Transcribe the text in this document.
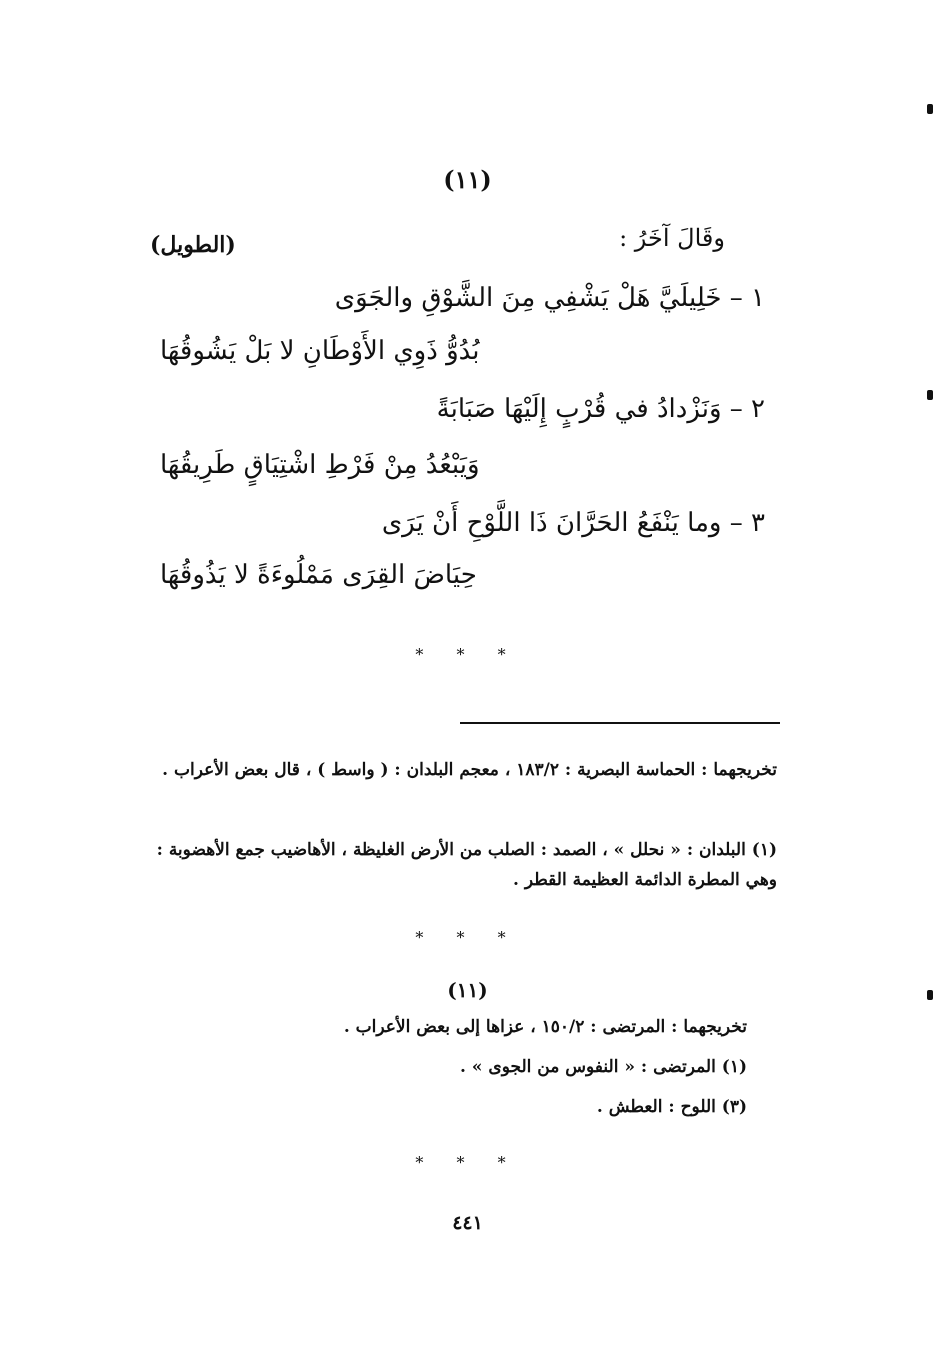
(١١)
وقَالَ آخَرُ :
(الطويل)
١ – خَلِيلَيَّ هَلْ يَشْفِي مِنَ الشَّوْقِ والجَوَى
بُدُوُّ ذَوِي الأَوْطَانِ لا بَلْ يَشُوقُهَا
٢ – وَنَزْدادُ في قُرْبٍ إِلَيْهَا صَبَابَةً
وَيَبْعُدُ مِنْ فَرْطِ اشْتِيَاقٍ طَرِيقُهَا
٣ – وما يَنْفَعُ الحَرَّانَ ذَا اللَّوْحِ أَنْ يَرَى
حِيَاضَ القِرَى مَمْلُوءَةً لا يَذُوقُهَا
* * *
تخريجهما : الحماسة البصرية : ١٨٣/٢ ، معجم البلدان : ( واسط ) ، قال بعض الأعراب .
(١) البلدان : « نحلل » ، الصمد : الصلب من الأرض الغليظة ، الأهاضيب جمع الأهضوبة : وهي المطرة الدائمة العظيمة القطر .
* * *
(١١)
تخريجهما : المرتضى : ١٥٠/٢ ، عزاها إلى بعض الأعراب .
(١) المرتضى : « النفوس من الجوى » .
(٣) اللوح : العطش .
* * *
٤٤١
